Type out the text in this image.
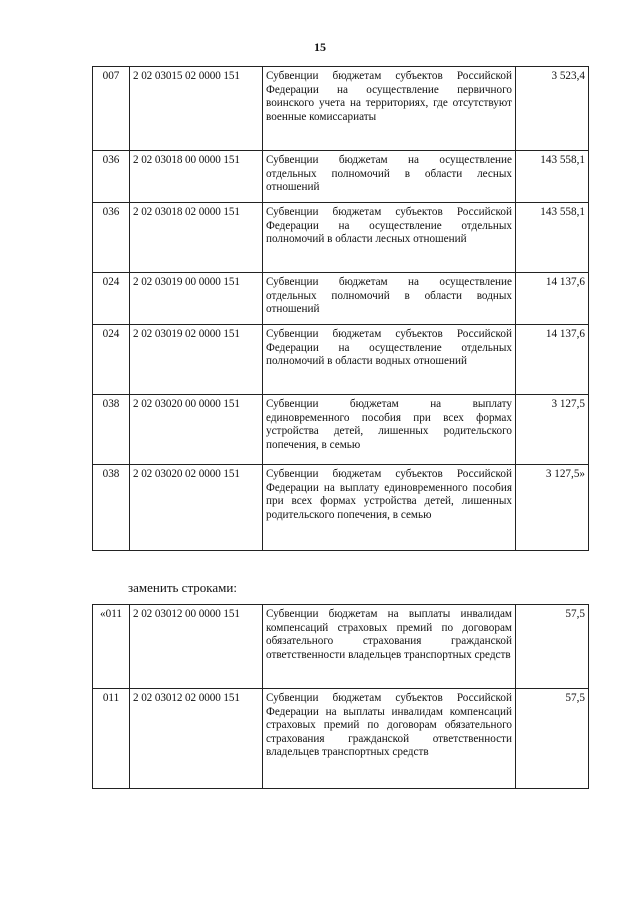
15
007	2 02 03015 02 0000 151	Субвенции бюджетам субъектов Российской Федерации на осуществление первичного воинского учета на территориях, где отсутствуют военные комиссариаты	3 523,4
036	2 02 03018 00 0000 151	Субвенции бюджетам на осуществление отдельных полномочий в области лесных отношений	143 558,1
036	2 02 03018 02 0000 151	Субвенции бюджетам субъектов Российской Федерации на осуществление отдельных полномочий в области лесных отношений	143 558,1
024	2 02 03019 00 0000 151	Субвенции бюджетам на осуществление отдельных полномочий в области водных отношений	14 137,6
024	2 02 03019 02 0000 151	Субвенции бюджетам субъектов Российской Федерации на осуществление отдельных полномочий в области водных отношений	14 137,6
038	2 02 03020 00 0000 151	Субвенции бюджетам на выплату единовременного пособия при всех формах устройства детей, лишенных родительского попечения, в семью	3 127,5
038	2 02 03020 02 0000 151	Субвенции бюджетам субъектов Российской Федерации на выплату единовременного пособия при всех формах устройства детей, лишенных родительского попечения, в семью	3 127,5»
заменить строками:
«011	2 02 03012 00 0000 151	Субвенции бюджетам на выплаты инвалидам компенсаций страховых премий по договорам обязательного страхования гражданской ответственности владельцев транспортных средств	57,5
011	2 02 03012 02 0000 151	Субвенции бюджетам субъектов Российской Федерации на выплаты инвалидам компенсаций страховых премий по договорам обязательного страхования гражданской ответственности владельцев транспортных средств	57,5
